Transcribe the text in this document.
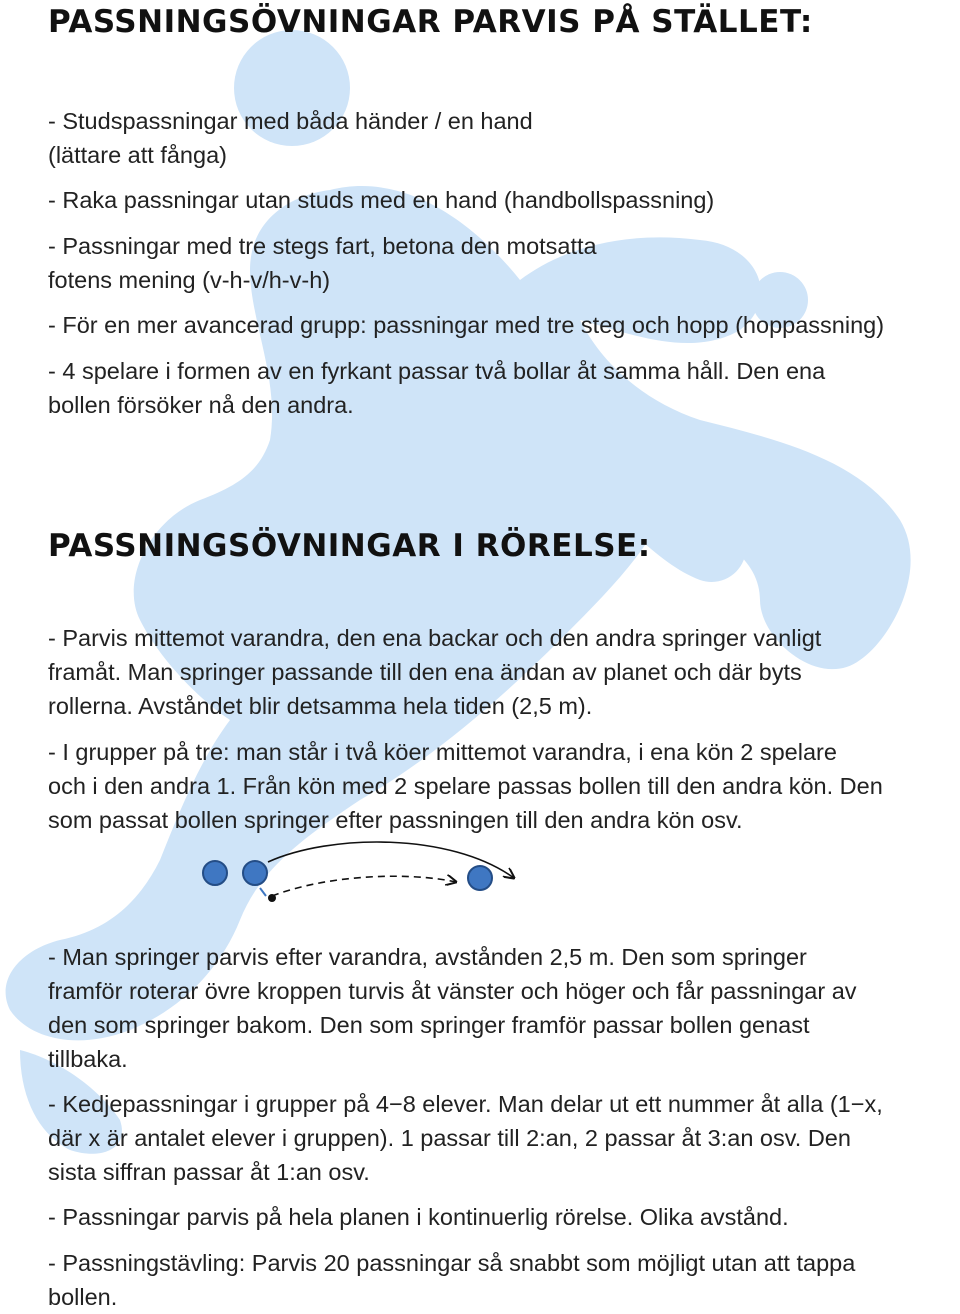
PASSNINGSÖVNINGAR PARVIS PÅ STÄLLET:

- Studspassningar med båda händer / en hand
(lättare att fånga)

- Raka passningar utan studs med en hand (handbollspassning)

- Passningar med tre stegs fart, betona den motsatta
fotens mening (v-h-v/h-v-h)

- För en mer avancerad grupp: passningar med tre steg och hopp (hoppassning)

- 4 spelare i formen av en fyrkant passar två bollar åt samma håll. Den ena
bollen försöker nå den andra.

PASSNINGSÖVNINGAR I RÖRELSE:

- Parvis mittemot varandra, den ena backar och den andra springer vanligt
framåt. Man springer passande till den ena ändan av planet och där byts
rollerna. Avståndet blir detsamma hela tiden (2,5 m).

- I grupper på tre: man står i två köer mittemot varandra, i ena kön 2 spelare
och i den andra 1. Från kön med 2 spelare passas bollen till den andra kön. Den
som passat bollen springer efter passningen till den andra kön osv.

- Man springer parvis efter varandra, avstånden 2,5 m. Den som springer
framför roterar övre kroppen turvis åt vänster och höger och får passningar av
den som springer bakom. Den som springer framför passar bollen genast
tillbaka.

- Kedjepassningar i grupper på 4−8 elever. Man delar ut ett nummer åt alla (1−x,
där x är antalet elever i gruppen). 1 passar till 2:an, 2 passar åt 3:an osv. Den
sista siffran passar åt 1:an osv.

- Passningar parvis på hela planen i kontinuerlig rörelse. Olika avstånd.

- Passningstävling: Parvis 20 passningar så snabbt som möjligt utan att tappa
bollen.
